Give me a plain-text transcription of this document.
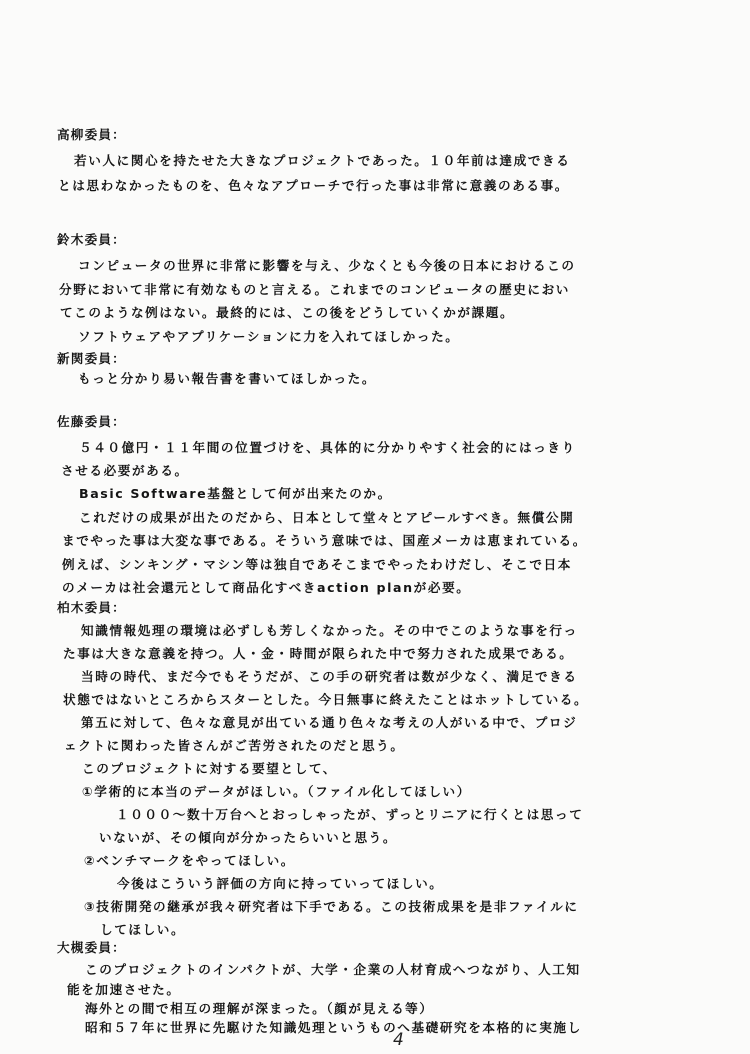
高柳委員：
若い人に関心を持たせた大きなプロジェクトであった。１０年前は達成できる
とは思わなかったものを、色々なアプローチで行った事は非常に意義のある事。
鈴木委員：
コンピュータの世界に非常に影響を与え、少なくとも今後の日本におけるこの
分野において非常に有効なものと言える。これまでのコンピュータの歴史におい
てこのような例はない。最終的には、この後をどうしていくかが課題。
ソフトウェアやアプリケーションに力を入れてほしかった。
新関委員：
もっと分かり易い報告書を書いてほしかった。
佐藤委員：
５４０億円・１１年間の位置づけを、具体的に分かりやすく社会的にはっきり
させる必要がある。
Basic Software基盤として何が出来たのか。
これだけの成果が出たのだから、日本として堂々とアピールすべき。無償公開
までやった事は大変な事である。そういう意味では、国産メーカは恵まれている。
例えば、シンキング・マシン等は独自であそこまでやったわけだし、そこで日本
のメーカは社会還元として商品化すべきaction planが必要。
柏木委員：
知識情報処理の環境は必ずしも芳しくなかった。その中でこのような事を行っ
た事は大きな意義を持つ。人・金・時間が限られた中で努力された成果である。
当時の時代、まだ今でもそうだが、この手の研究者は数が少なく、満足できる
状態ではないところからスターとした。今日無事に終えたことはホットしている。
第五に対して、色々な意見が出ている通り色々な考えの人がいる中で、プロジ
ェクトに関わった皆さんがご苦労されたのだと思う。
このプロジェクトに対する要望として、
①学術的に本当のデータがほしい。（ファイル化してほしい）
１０００～数十万台へとおっしゃったが、ずっとリニアに行くとは思って
いないが、その傾向が分かったらいいと思う。
②ベンチマークをやってほしい。
今後はこういう評価の方向に持っていってほしい。
③技術開発の継承が我々研究者は下手である。この技術成果を是非ファイルに
してほしい。
大槻委員：
このプロジェクトのインパクトが、大学・企業の人材育成へつながり、人工知
能を加速させた。
海外との間で相互の理解が深まった。（顔が見える等）
昭和５７年に世界に先駆けた知識処理というものへ基礎研究を本格的に実施し
4
